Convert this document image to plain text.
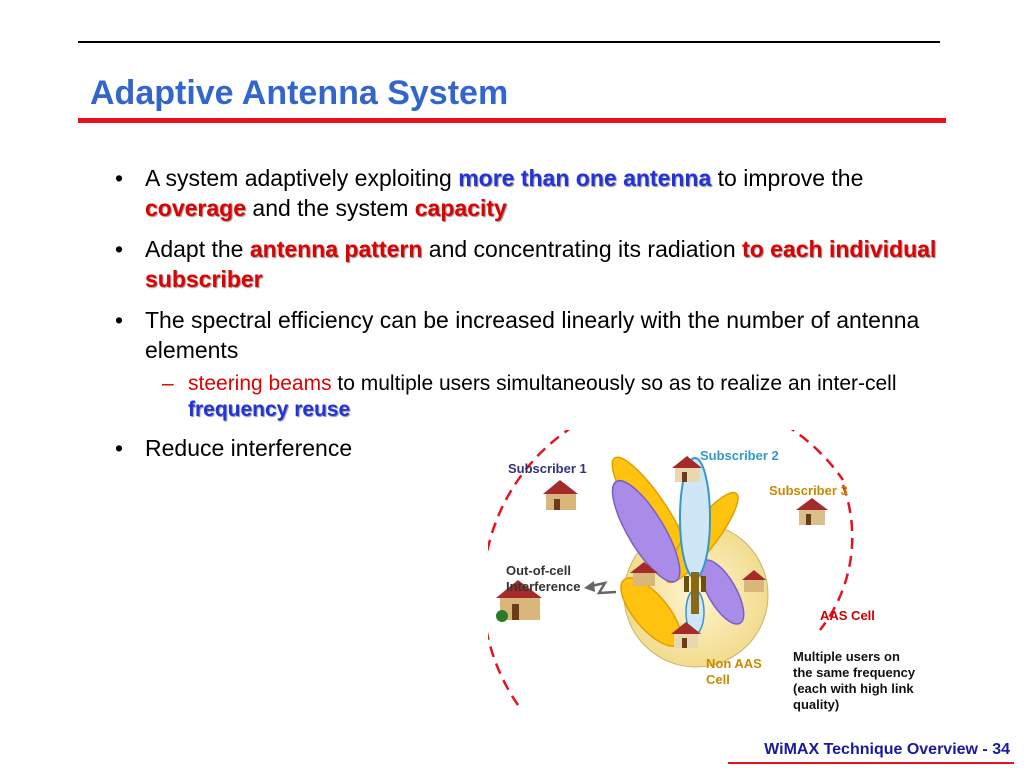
Adaptive Antenna System
• A system adaptively exploiting more than one antenna to improve the coverage and the system capacity
• Adapt the antenna pattern and concentrating its radiation to each individual subscriber
• The spectral efficiency can be increased linearly with the number of antenna elements
– steering beams to multiple users simultaneously so as to realize an inter-cell frequency reuse
• Reduce interference
Subscriber 1
Subscriber 2
Subscriber 3
Out-of-cell
Interference
AAS Cell
Non AAS
Cell
Multiple users on
the same frequency
(each with high link
quality)
WiMAX Technique Overview - 34
